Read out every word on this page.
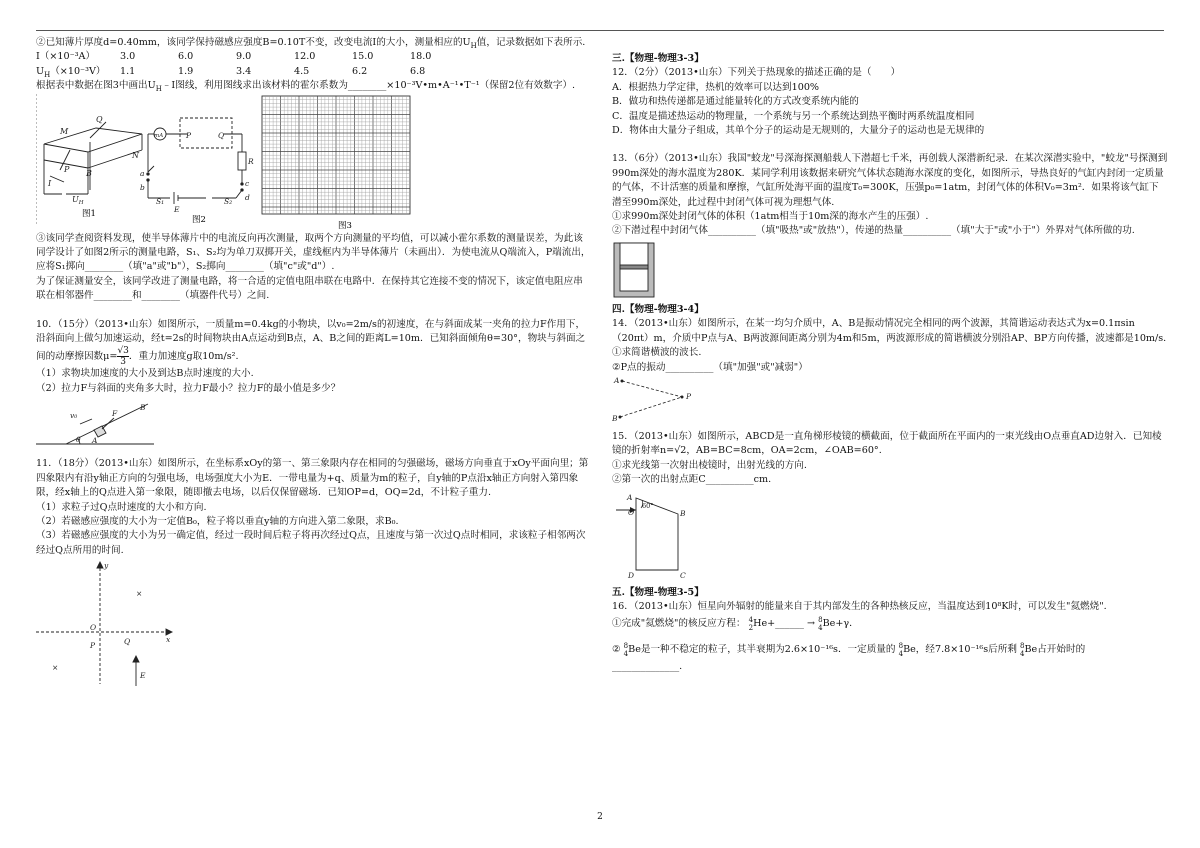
②已知薄片厚度d=0.40mm，该同学保持磁感应强度B=0.10T不变，改变电流I的大小，测量相应的$U_H$值，记录数据如下表所示.

I（×10⁻³A）	3.0	6.0	9.0	12.0	15.0	18.0
$U_H(\times 10^{-3}V)$	1.1	1.9	3.4	4.5	6.2	6.8

根据表中数据在图3中画出$U_H﹣I$图线，利用图线求出该材料的霍尔系数为________×10⁻³V•m•A⁻¹•T⁻¹（保留2位有效数字）.

M
Q
N
P B
I
$U_H$
图1
mA	P	Q
R
a
b	c
d
S₁	S₂
E
图2
图3

③该同学查阅资料发现，使半导体薄片中的电流反向再次测量，取两个方向测量的平均值，可以减小霍尔系数的测量误差，为此该同学设计了如图2所示的测量电路，S₁、S₂均为单刀双掷开关，虚线框内为半导体薄片（未画出）．为使电流从Q端流入，P端流出，应将S₁掷向________（填"a"或"b"），S₂掷向________（填"c"或"d"）.

为了保证测量安全，该同学改进了测量电路，将一合适的定值电阻串联在电路中．在保持其它连接不变的情况下，该定值电阻应串联在相邻器件________和________（填器件代号）之间.

10．（15分）（2013•山东）如图所示，一质量m=0.4kg的小物块，以v₀=2m/s的初速度，在与斜面成某一夹角的拉力F作用下，沿斜面向上做匀加速运动，经t=2s的时间物块由A点运动到B点，A、B之间的距离L=10m．已知斜面倾角θ=30°，物块与斜面之间的动摩擦因数$\mu= \frac{√3}{3}$ ．重力加速度g取10m/s².

（1）求物块加速度的大小及到达B点时速度的大小.

（2）拉力F与斜面的夹角多大时，拉力F最小？拉力F的最小值是多少？

v₀	F
B
A
θ

11．（18分）（2013•山东）如图所示，在坐标系xOy的第一、第三象限内存在相同的匀强磁场，磁场方向垂直于xOy平面向里；第四象限内有沿y轴正方向的匀强电场，电场强度大小为E．一带电量为+q、质量为m的粒子，自y轴的P点沿x轴正方向射入第四象限，经x轴上的Q点进入第一象限，随即撤去电场，以后仅保留磁场．已知OP=d，OQ=2d，不计粒子重力.

（1）求粒子过Q点时速度的大小和方向.

（2）若磁感应强度的大小为一定值B₀，粒子将以垂直y轴的方向进入第二象限，求B₀.

（3）若磁感应强度的大小为另一确定值，经过一段时间后粒子将再次经过Q点，且速度与第一次过Q点时相同，求该粒子相邻两次经过Q点所用的时间.

y
x
O
P	Q
E
×
×

三.【物理-物理3-3】

12．（2分）（2013•山东）下列关于热现象的描述正确的是（　　）

A．根据热力学定律，热机的效率可以达到100%

B．做功和热传递都是通过能量转化的方式改变系统内能的

C．温度是描述热运动的物理量，一个系统与另一个系统达到热平衡时两系统温度相同

D．物体由大量分子组成，其单个分子的运动是无规则的，大量分子的运动也是无规律的

13．（6分）（2013•山东）我国"蛟龙"号深海探测船载人下潜超七千米，再创载人深潜新纪录．在某次深潜实验中，"蛟龙"号探测到990m深处的海水温度为280K．某同学利用该数据来研究气体状态随海水深度的变化，如图所示，导热良好的气缸内封闭一定质量的气体，不计活塞的质量和摩擦，气缸所处海平面的温度T₀=300K，压强p₀=1atm，封闭气体的体积V₀=3m²．如果将该气缸下潜至990m深处，此过程中封闭气体可视为理想气体.

①求990m深处封闭气体的体积（1atm相当于10m深的海水产生的压强）.

②下潜过程中封闭气体__________（填"吸热"或"放热"），传递的热量__________（填"大于"或"小于"）外界对气体所做的功.

四.【物理-物理3-4】

14．（2013•山东）如图所示，在某一均匀介质中，A、B是振动情况完全相同的两个波源，其简谐运动表达式为x=0.1πsin（20πt）m，介质中P点与A、B两波源间距离分别为4m和5m，两波源形成的简谐横波分别沿AP、BP方向传播，波速都是10m/s.

①求简谐横波的波长.

②P点的振动__________（填"加强"或"减弱"）

A
P
B

15．（2013•山东）如图所示，ABCD是一直角梯形棱镜的横截面，位于截面所在平面内的一束光线由O点垂直AD边射入．已知棱镜的折射率n=√2，AB=BC=8cm，OA=2cm，∠OAB=60°.

①求光线第一次射出棱镜时，出射光线的方向.

②第一次的出射点距C__________cm.

A
60°
B
O
D	C

五.【物理-物理3-5】

16．（2013•山东）恒星向外辐射的能量来自于其内部发生的各种热核反应，当温度达到10⁸K时，可以发生"氦燃烧".

①完成"氦燃烧"的核反应方程： 4
2 He+______ → 8
4 Be+γ．

② 8
4 Be是一种不稳定的粒子，其半衰期为2.6×10⁻¹⁶s．一定质量的 8
4 Be，经7.8×10⁻¹⁶s后所剩 8
4 Be占开始时的

______________.

2
